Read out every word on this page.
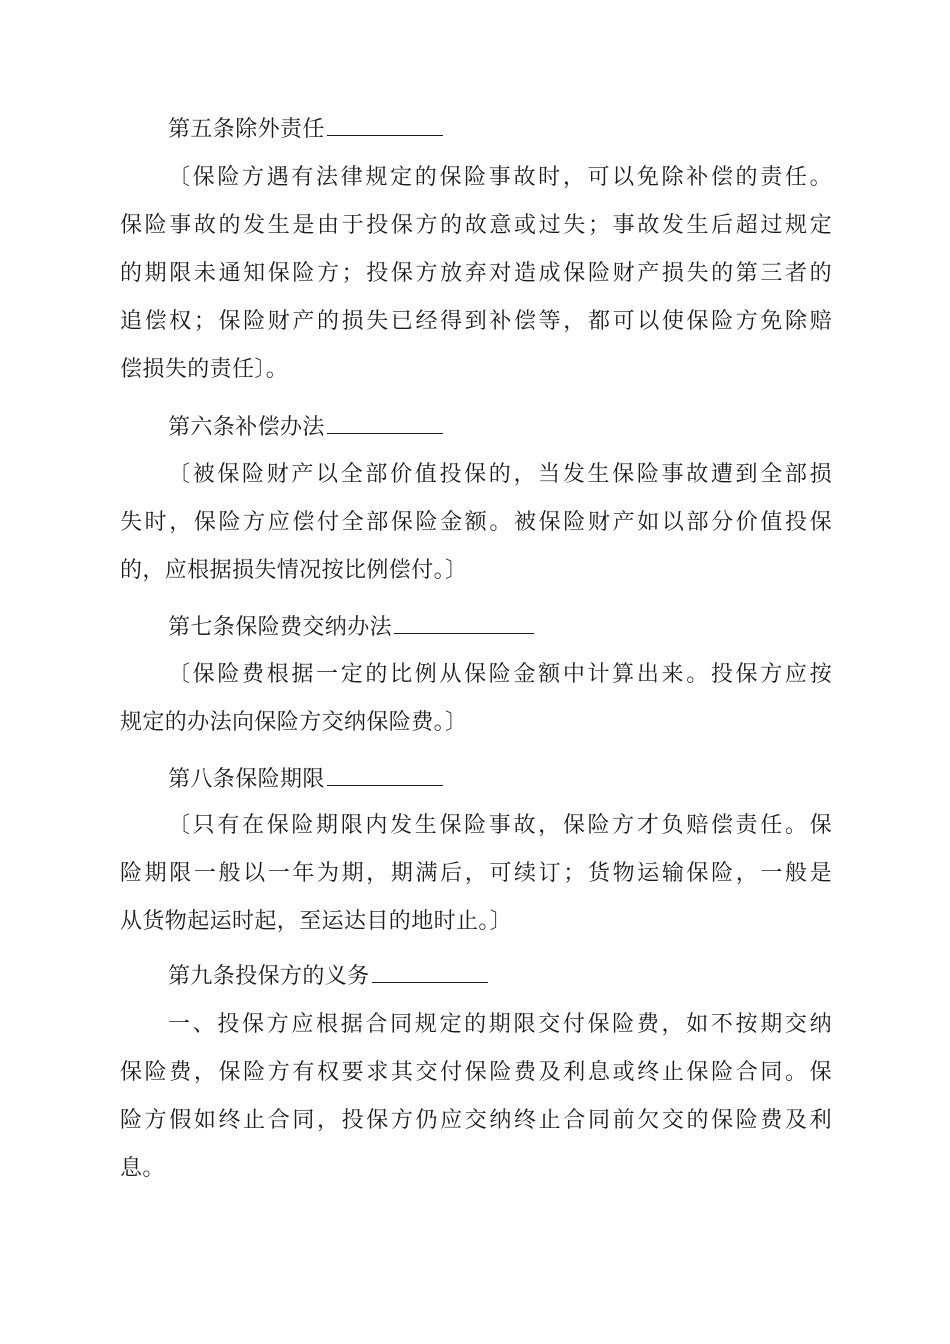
第五条除外责任
〔保险方遇有法律规定的保险事故时，可以免除补偿的责任。
保险事故的发生是由于投保方的故意或过失；事故发生后超过规定
的期限未通知保险方；投保方放弃对造成保险财产损失的第三者的
追偿权；保险财产的损失已经得到补偿等，都可以使保险方免除赔
偿损失的责任〕。
第六条补偿办法
〔被保险财产以全部价值投保的，当发生保险事故遭到全部损
失时，保险方应偿付全部保险金额。被保险财产如以部分价值投保
的，应根据损失情况按比例偿付。〕
第七条保险费交纳办法
〔保险费根据一定的比例从保险金额中计算出来。投保方应按
规定的办法向保险方交纳保险费。〕
第八条保险期限
〔只有在保险期限内发生保险事故，保险方才负赔偿责任。保
险期限一般以一年为期，期满后，可续订；货物运输保险，一般是
从货物起运时起，至运达目的地时止。〕
第九条投保方的义务
一、投保方应根据合同规定的期限交付保险费，如不按期交纳
保险费，保险方有权要求其交付保险费及利息或终止保险合同。保
险方假如终止合同，投保方仍应交纳终止合同前欠交的保险费及利
息。
